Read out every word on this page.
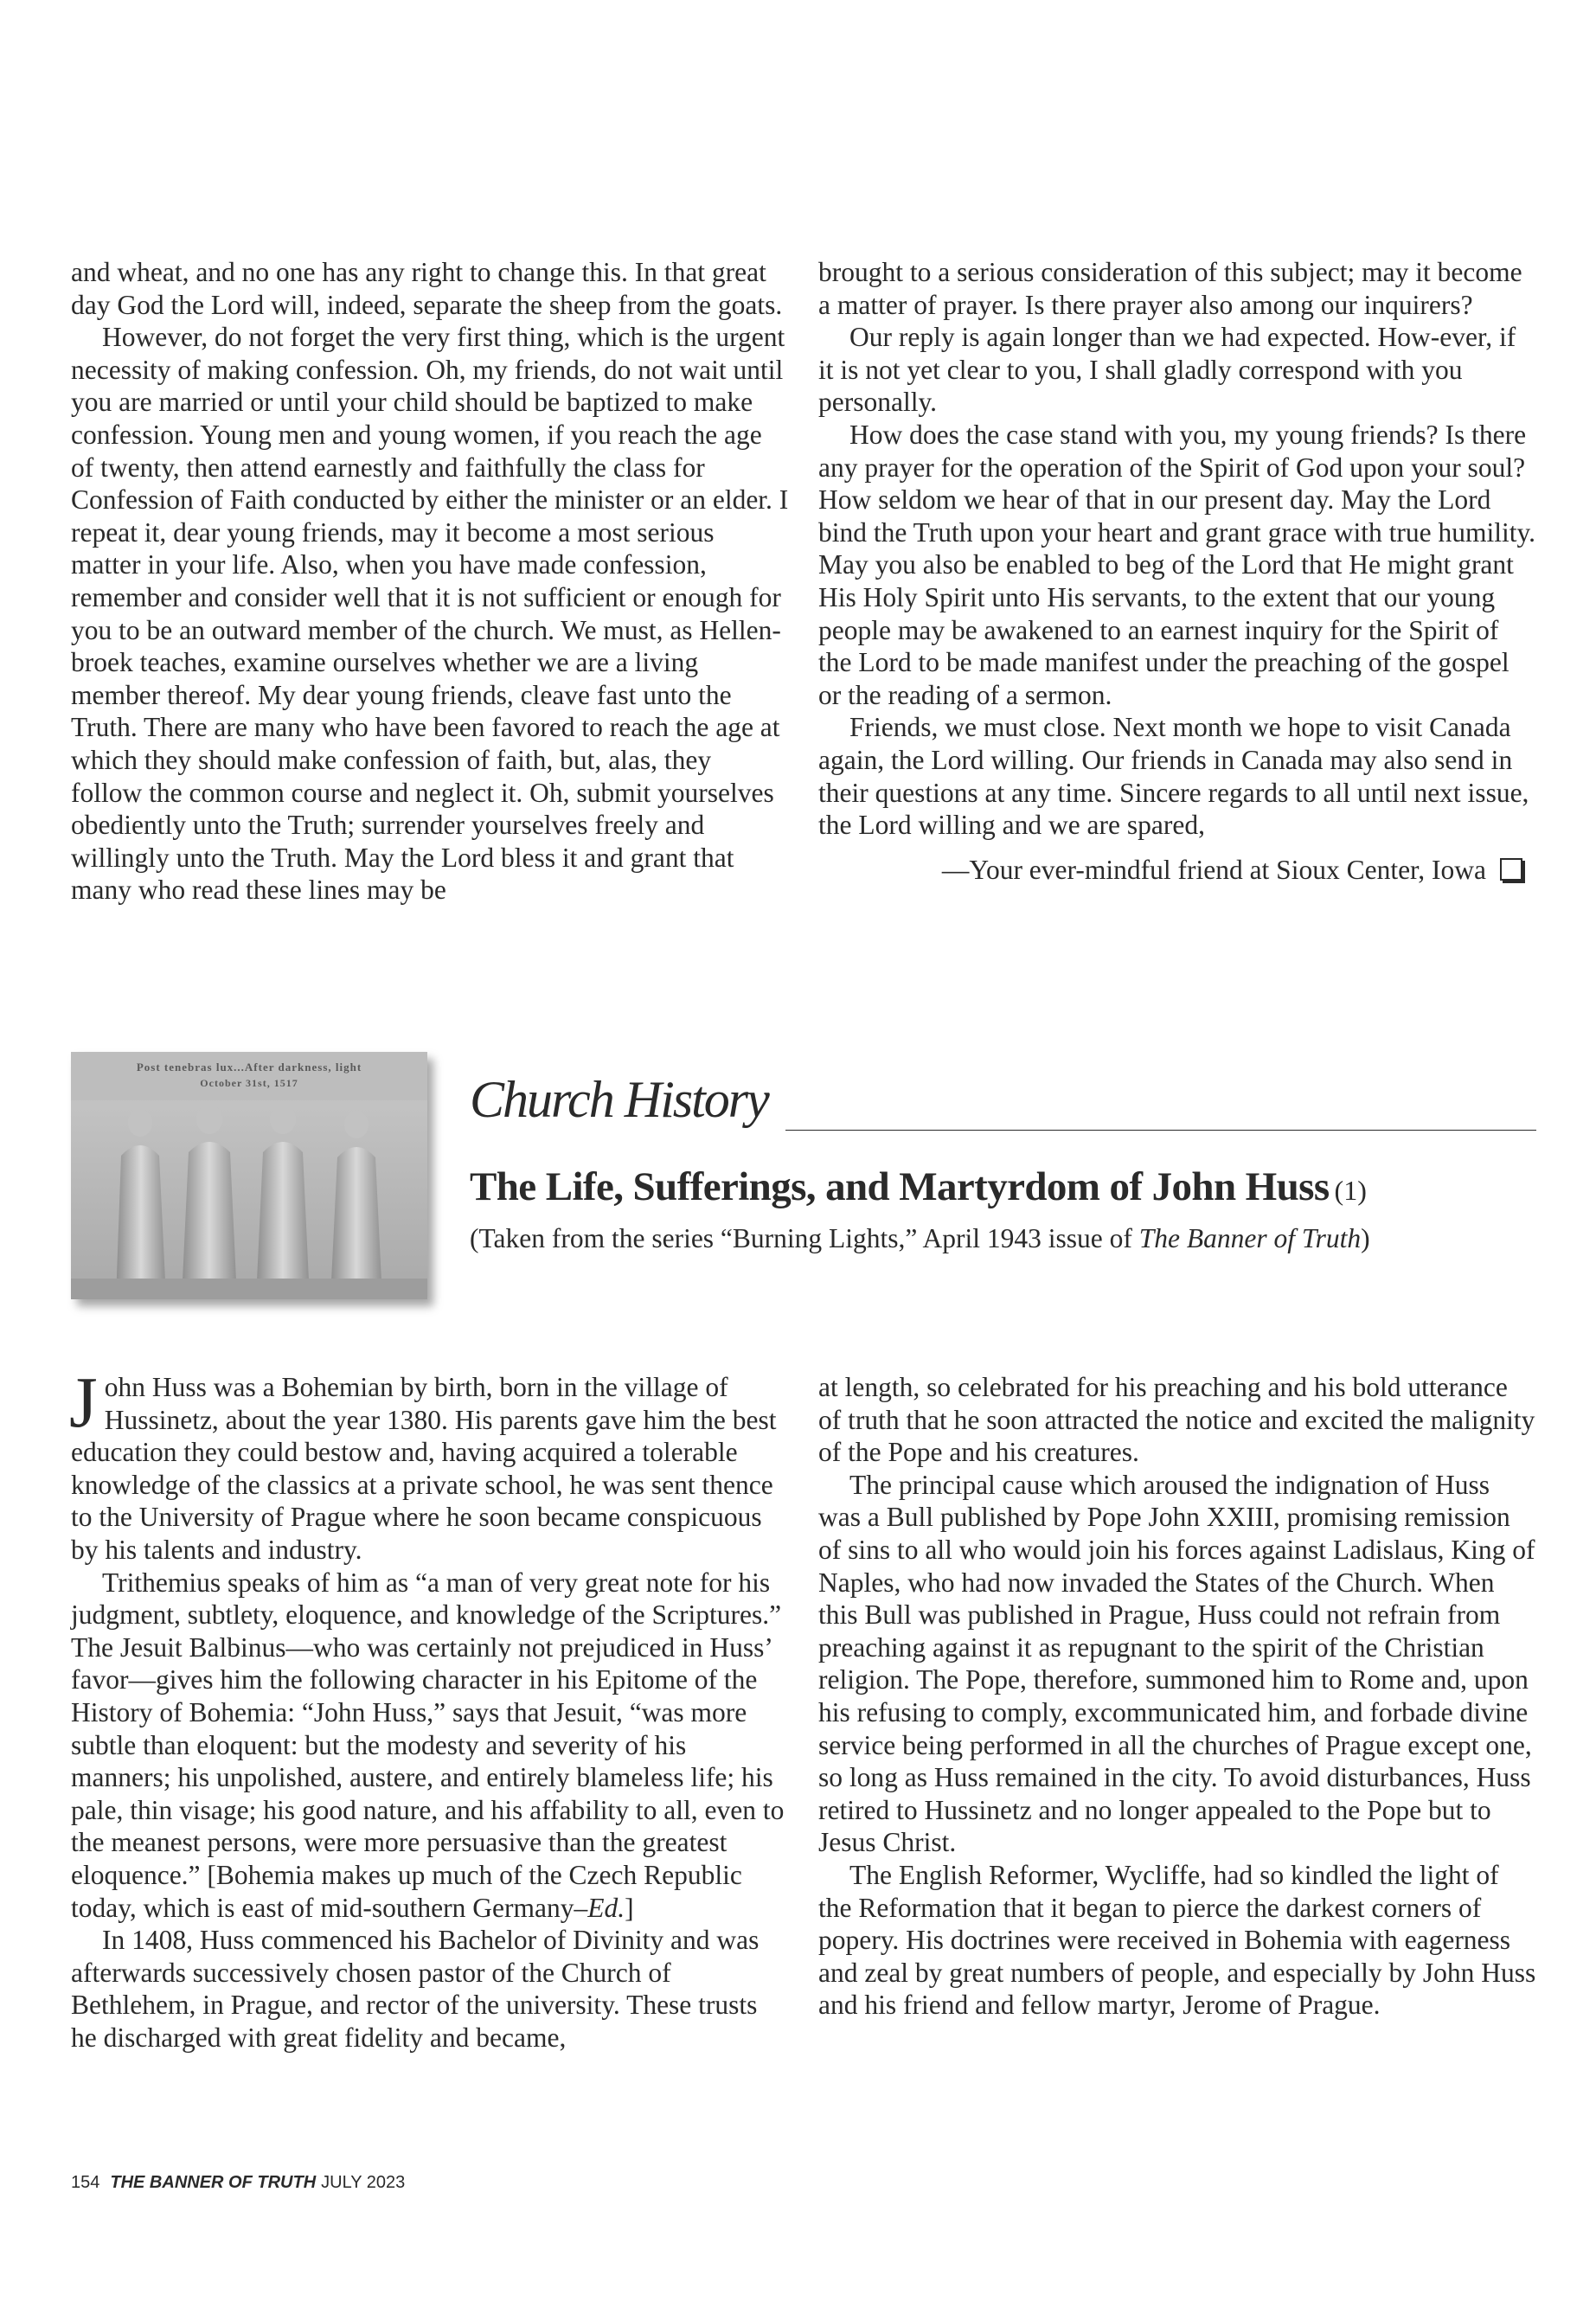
and wheat, and no one has any right to change this. In that great day God the Lord will, indeed, separate the sheep from the goats.

However, do not forget the very first thing, which is the urgent necessity of making confession. Oh, my friends, do not wait until you are married or until your child should be baptized to make confession. Young men and young women, if you reach the age of twenty, then attend earnestly and faithfully the class for Confession of Faith conducted by either the minister or an elder. I repeat it, dear young friends, may it become a most serious matter in your life. Also, when you have made confession, remember and consider well that it is not sufficient or enough for you to be an outward member of the church. We must, as Hellen-broek teaches, examine ourselves whether we are a living member thereof. My dear young friends, cleave fast unto the Truth. There are many who have been favored to reach the age at which they should make confession of faith, but, alas, they follow the common course and neglect it. Oh, submit yourselves obediently unto the Truth; surrender yourselves freely and willingly unto the Truth. May the Lord bless it and grant that many who read these lines may be

brought to a serious consideration of this subject; may it become a matter of prayer. Is there prayer also among our inquirers?

Our reply is again longer than we had expected. How-ever, if it is not yet clear to you, I shall gladly correspond with you personally.

How does the case stand with you, my young friends? Is there any prayer for the operation of the Spirit of God upon your soul? How seldom we hear of that in our present day. May the Lord bind the Truth upon your heart and grant grace with true humility. May you also be enabled to beg of the Lord that He might grant His Holy Spirit unto His servants, to the extent that our young people may be awakened to an earnest inquiry for the Spirit of the Lord to be made manifest under the preaching of the gospel or the reading of a sermon.

Friends, we must close. Next month we hope to visit Canada again, the Lord willing. Our friends in Canada may also send in their questions at any time. Sincere regards to all until next issue, the Lord willing and we are spared,

—Your ever-mindful friend at Sioux Center, Iowa

Post tenebras lux...After darkness, light
October 31st, 1517	Church History
The Life, Sufferings, and Martyrdom of John Huss (1)
(Taken from the series “Burning Lights,” April 1943 issue of The Banner of Truth)

John Huss was a Bohemian by birth, born in the village of Hussinetz, about the year 1380. His parents gave him the best education they could bestow and, having acquired a tolerable knowledge of the classics at a private school, he was sent thence to the University of Prague where he soon became conspicuous by his talents and industry.

Trithemius speaks of him as “a man of very great note for his judgment, subtlety, eloquence, and knowledge of the Scriptures.” The Jesuit Balbinus—who was certainly not prejudiced in Huss’ favor—gives him the following character in his Epitome of the History of Bohemia: “John Huss,” says that Jesuit, “was more subtle than eloquent: but the modesty and severity of his manners; his unpolished, austere, and entirely blameless life; his pale, thin visage; his good nature, and his affability to all, even to the meanest persons, were more persuasive than the greatest eloquence.” [Bohemia makes up much of the Czech Republic today, which is east of mid-southern Germany–Ed.]

In 1408, Huss commenced his Bachelor of Divinity and was afterwards successively chosen pastor of the Church of Bethlehem, in Prague, and rector of the university. These trusts he discharged with great fidelity and became,

at length, so celebrated for his preaching and his bold utterance of truth that he soon attracted the notice and excited the malignity of the Pope and his creatures.

The principal cause which aroused the indignation of Huss was a Bull published by Pope John XXIII, promising remission of sins to all who would join his forces against Ladislaus, King of Naples, who had now invaded the States of the Church. When this Bull was published in Prague, Huss could not refrain from preaching against it as repugnant to the spirit of the Christian religion. The Pope, therefore, summoned him to Rome and, upon his refusing to comply, excommunicated him, and forbade divine service being performed in all the churches of Prague except one, so long as Huss remained in the city. To avoid disturbances, Huss retired to Hussinetz and no longer appealed to the Pope but to Jesus Christ.

The English Reformer, Wycliffe, had so kindled the light of the Reformation that it began to pierce the darkest corners of popery. His doctrines were received in Bohemia with eagerness and zeal by great numbers of people, and especially by John Huss and his friend and fellow martyr, Jerome of Prague.

154 THE BANNER OF TRUTH JULY 2023
